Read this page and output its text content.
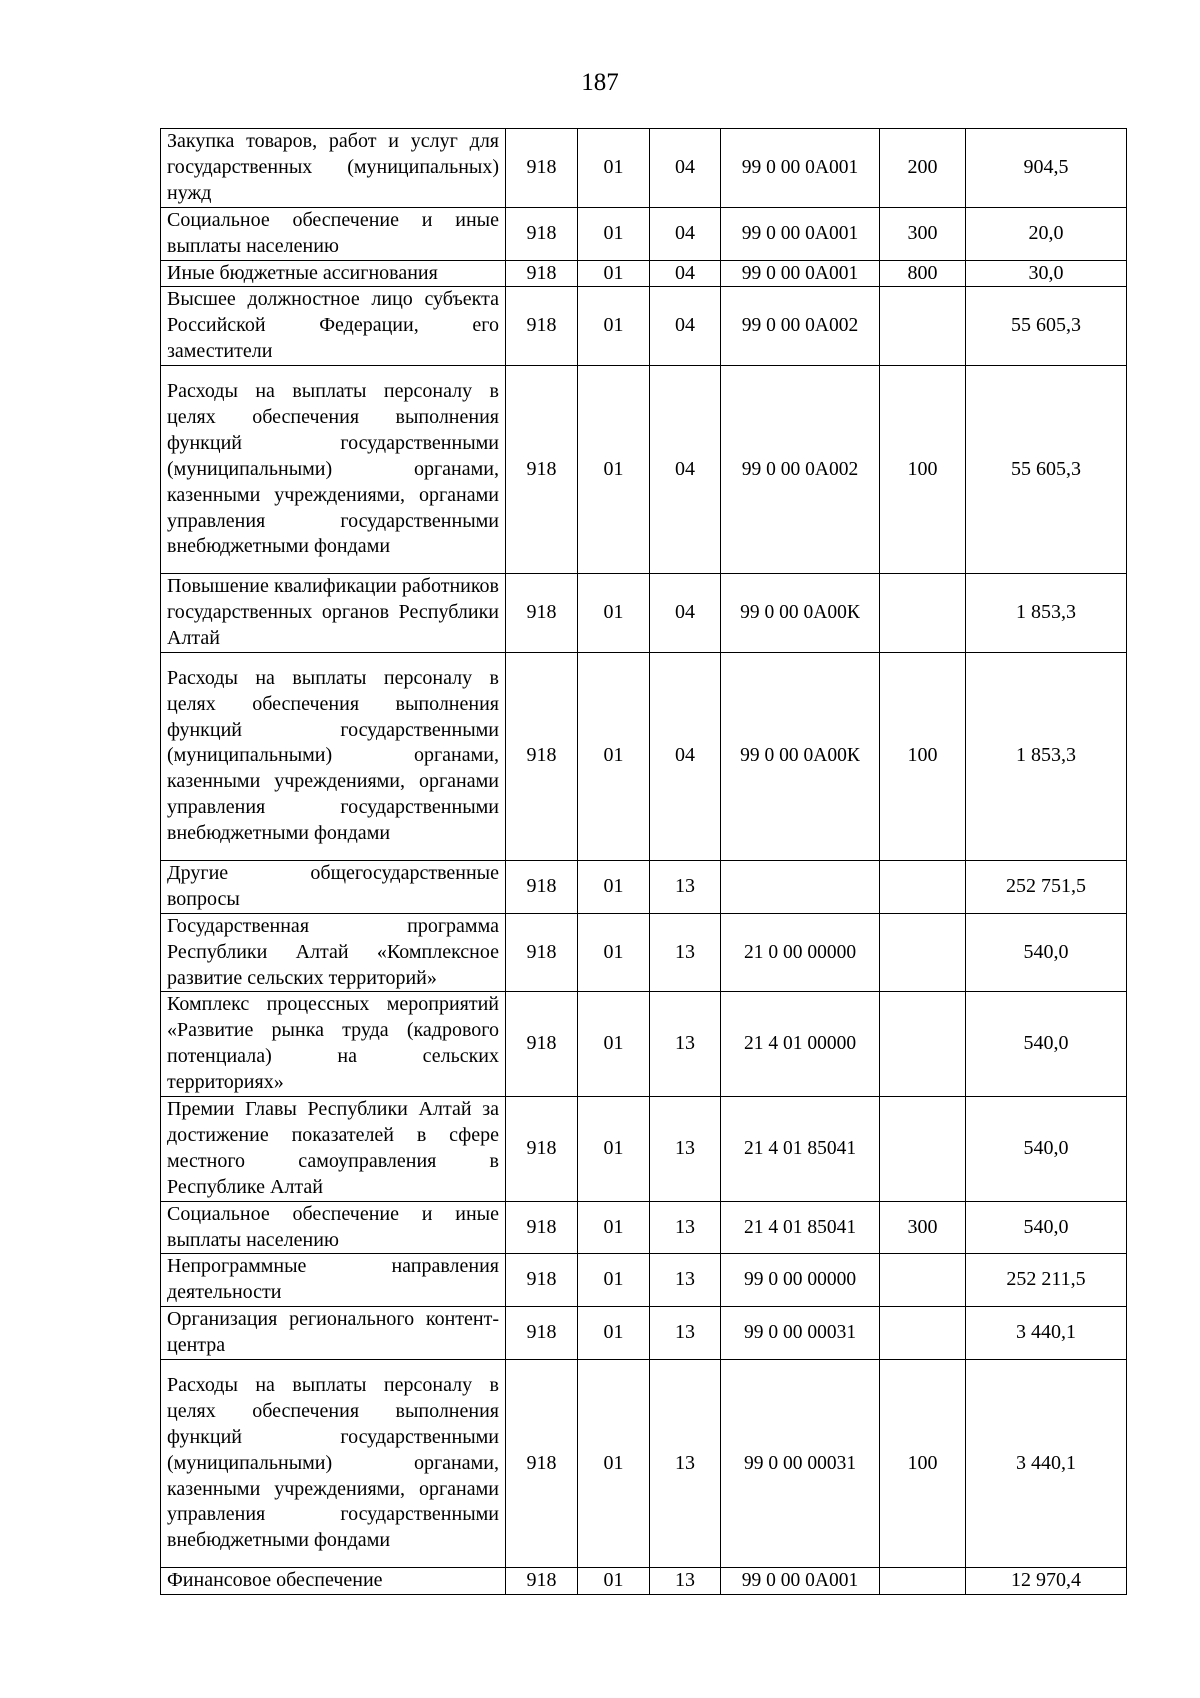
187
Закупка товаров, работ и услуг для государственных (муниципальных) нужд	918	01	04	99 0 00 0А001	200	904,5
Социальное обеспечение и иные выплаты населению	918	01	04	99 0 00 0А001	300	20,0
Иные бюджетные ассигнования	918	01	04	99 0 00 0А001	800	30,0
Высшее должностное лицо субъекта Российской Федерации, его заместители	918	01	04	99 0 00 0А002		55 605,3
Расходы на выплаты персоналу в целях обеспечения выполнения функций государственными (муниципальными) органами, казенными учреждениями, органами управления государственными внебюджетными фондами	918	01	04	99 0 00 0А002	100	55 605,3
Повышение квалификации работников государственных органов Республики Алтай	918	01	04	99 0 00 0А00К		1 853,3
Расходы на выплаты персоналу в целях обеспечения выполнения функций государственными (муниципальными) органами, казенными учреждениями, органами управления государственными внебюджетными фондами	918	01	04	99 0 00 0А00К	100	1 853,3
Другие общегосударственные вопросы	918	01	13			252 751,5
Государственная программа Республики Алтай «Комплексное развитие сельских территорий»	918	01	13	21 0 00 00000		540,0
Комплекс процессных мероприятий «Развитие рынка труда (кадрового потенциала) на сельских территориях»	918	01	13	21 4 01 00000		540,0
Премии Главы Республики Алтай за достижение показателей в сфере местного самоуправления в Республике Алтай	918	01	13	21 4 01 85041		540,0
Социальное обеспечение и иные выплаты населению	918	01	13	21 4 01 85041	300	540,0
Непрограммные направления деятельности	918	01	13	99 0 00 00000		252 211,5
Организация регионального контент-центра	918	01	13	99 0 00 00031		3 440,1
Расходы на выплаты персоналу в целях обеспечения выполнения функций государственными (муниципальными) органами, казенными учреждениями, органами управления государственными внебюджетными фондами	918	01	13	99 0 00 00031	100	3 440,1
Финансовое обеспечение	918	01	13	99 0 00 0А001		12 970,4
